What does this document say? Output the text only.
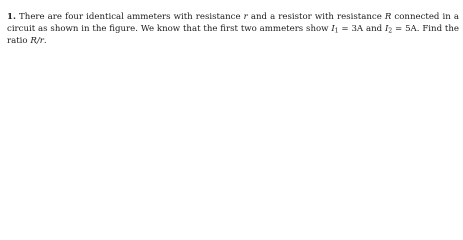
1. There are four identical ammeters with resistance r and a resistor with resistance R connected in a circuit as shown in the figure. We know that the first two ammeters show $I_1 = 3A$ and $I_2 = 5A$. Find the ratio R/r.
